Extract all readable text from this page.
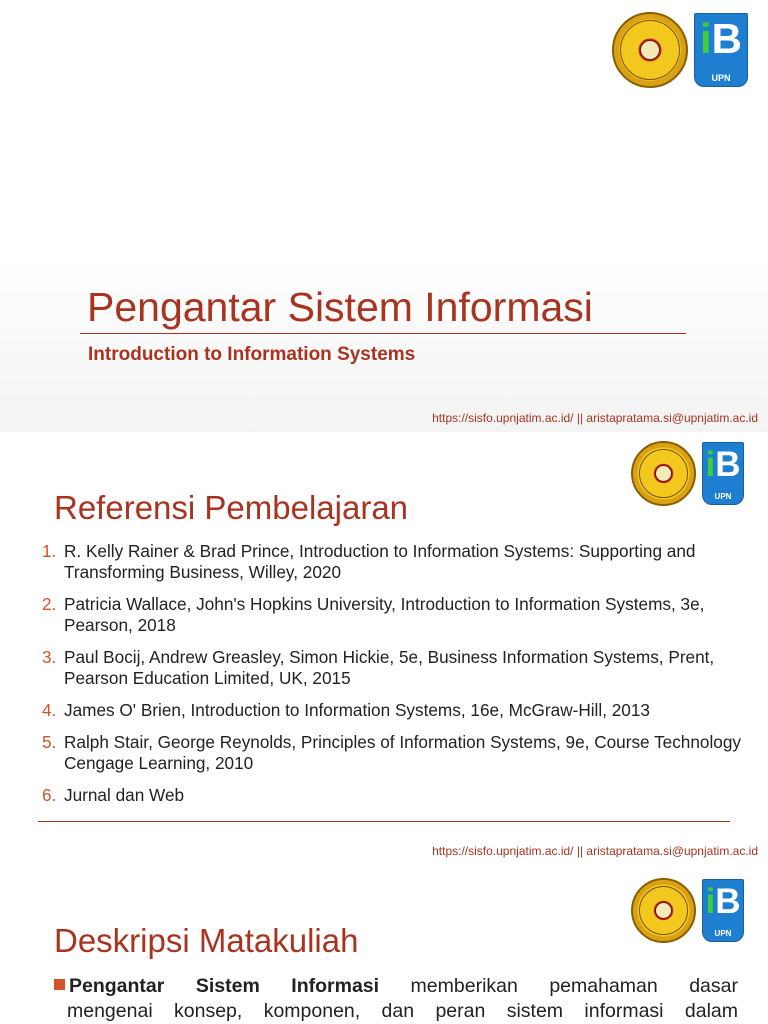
iB
UPN
Pengantar Sistem Informasi
Introduction to Information Systems
https://sisfo.upnjatim.ac.id/ || aristapratama.si@upnjatim.ac.id
iB
UPN
Referensi Pembelajaran
1. R. Kelly Rainer & Brad Prince, Introduction to Information Systems: Supporting and Transforming Business, Willey, 2020
2. Patricia Wallace, John's Hopkins University, Introduction to Information Systems, 3e, Pearson, 2018
3. Paul Bocij, Andrew Greasley, Simon Hickie, 5e, Business Information Systems, Prent, Pearson Education Limited, UK, 2015
4. James O' Brien, Introduction to Information Systems, 16e, McGraw-Hill, 2013
5. Ralph Stair, George Reynolds, Principles of Information Systems, 9e, Course Technology Cengage Learning, 2010
6. Jurnal dan Web
https://sisfo.upnjatim.ac.id/ || aristapratama.si@upnjatim.ac.id
iB
UPN
Deskripsi Matakuliah
Pengantar Sistem Informasi memberikan pemahaman dasar
mengenai konsep, komponen, dan peran sistem informasi dalam
